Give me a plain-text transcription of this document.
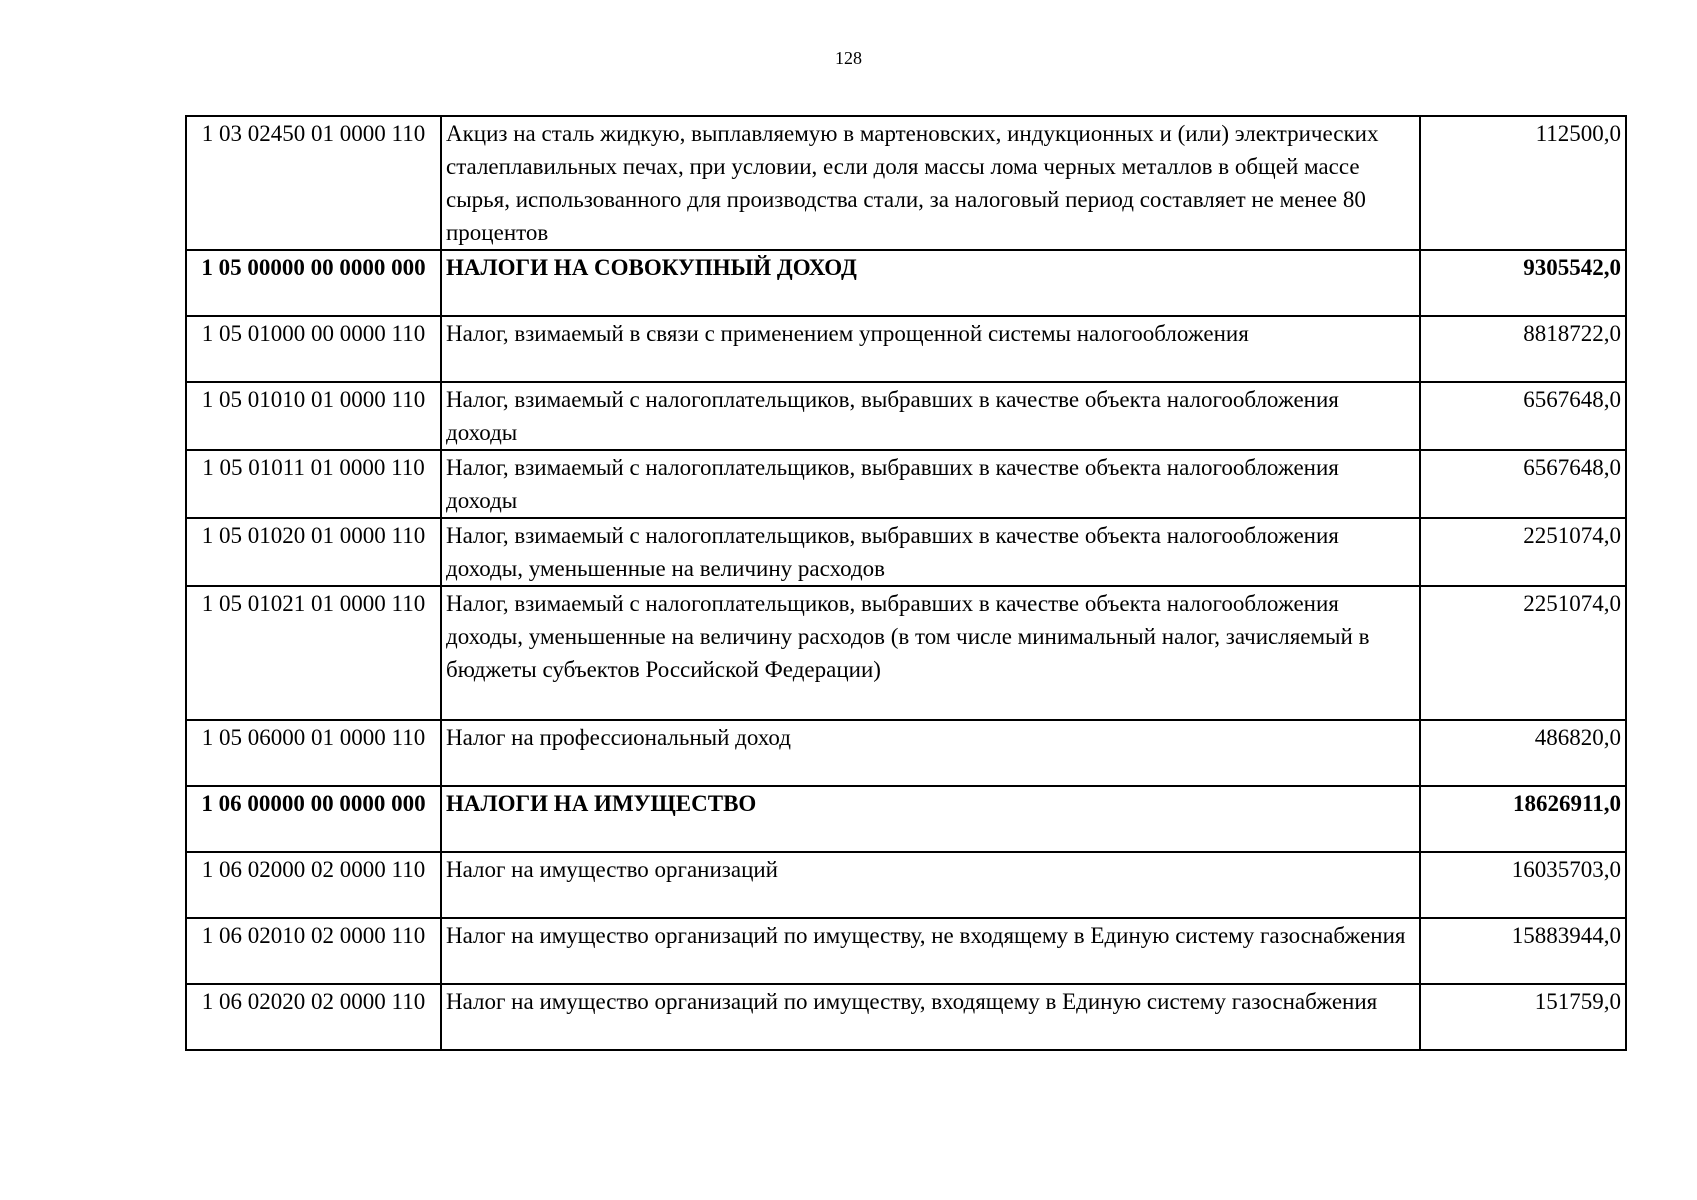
128
1 03 02450 01 0000 110	Акциз на сталь жидкую, выплавляемую в мартеновских, индукционных и (или) электрических сталеплавильных печах, при условии, если доля массы лома черных металлов в общей массе сырья, использованного для производства стали, за налоговый период составляет не менее 80 процентов	112500,0
1 05 00000 00 0000 000	НАЛОГИ НА СОВОКУПНЫЙ ДОХОД	9305542,0
1 05 01000 00 0000 110	Налог, взимаемый в связи с применением упрощенной системы налогообложения	8818722,0
1 05 01010 01 0000 110	Налог, взимаемый с налогоплательщиков, выбравших в качестве объекта налогообложения доходы	6567648,0
1 05 01011 01 0000 110	Налог, взимаемый с налогоплательщиков, выбравших в качестве объекта налогообложения доходы	6567648,0
1 05 01020 01 0000 110	Налог, взимаемый с налогоплательщиков, выбравших в качестве объекта налогообложения доходы, уменьшенные на величину расходов	2251074,0
1 05 01021 01 0000 110	Налог, взимаемый с налогоплательщиков, выбравших в качестве объекта налогообложения доходы, уменьшенные на величину расходов (в том числе минимальный налог, зачисляемый в бюджеты субъектов Российской Федерации)	2251074,0
1 05 06000 01 0000 110	Налог на профессиональный доход	486820,0
1 06 00000 00 0000 000	НАЛОГИ НА ИМУЩЕСТВО	18626911,0
1 06 02000 02 0000 110	Налог на имущество организаций	16035703,0
1 06 02010 02 0000 110	Налог на имущество организаций по имуществу, не входящему в Единую систему газоснабжения	15883944,0
1 06 02020 02 0000 110	Налог на имущество организаций по имуществу, входящему в Единую систему газоснабжения	151759,0
